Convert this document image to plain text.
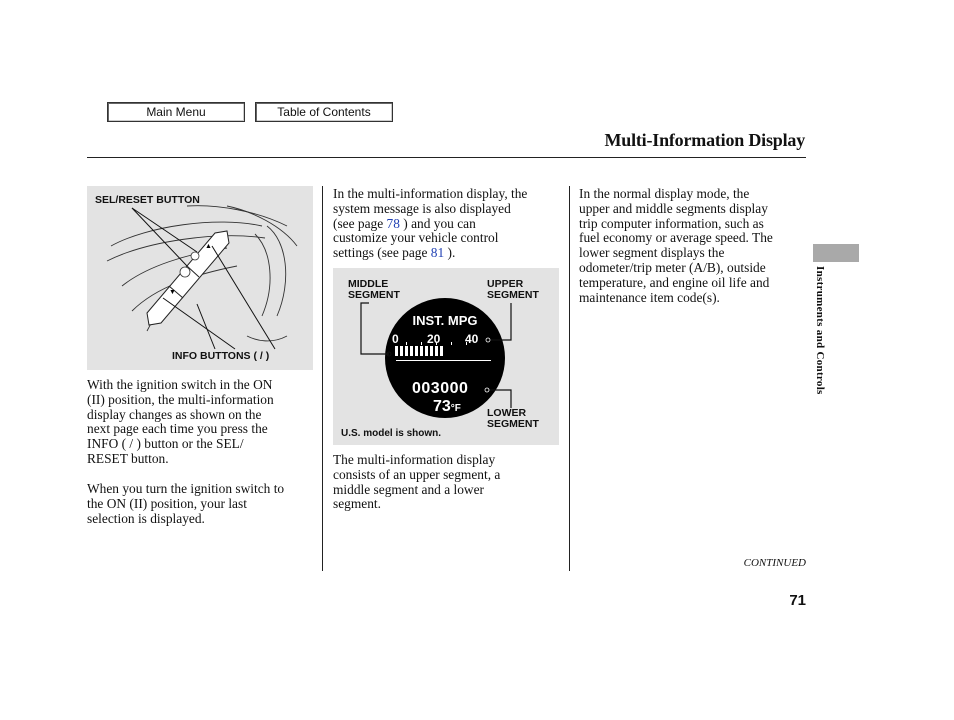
Main Menu	Table of Contents
Multi-Information Display
SEL/RESET BUTTON
▲
▼
INFO BUTTONS ( / )
With the ignition switch in the ON
(II) position, the multi-information
display changes as shown on the
next page each time you press the
INFO ( / ) button or the SEL/
RESET button.
When you turn the ignition switch to
the ON (II) position, your last
selection is displayed.
In the multi-information display, the
system message is also displayed
(see page 78 ) and you can
customize your vehicle control
settings (see page 81 ).
MIDDLE
SEGMENT
UPPER
SEGMENT
INST. MPG
0 20 40
003000
73°F LOWER
SEGMENT
U.S. model is shown.
The multi-information display
consists of an upper segment, a
middle segment and a lower
segment.
In the normal display mode, the
upper and middle segments display
trip computer information, such as
fuel economy or average speed. The
lower segment displays the
odometer/trip meter (A/B), outside
temperature, and engine oil life and
maintenance item code(s).	Instruments and Controls
CONTINUED
71
